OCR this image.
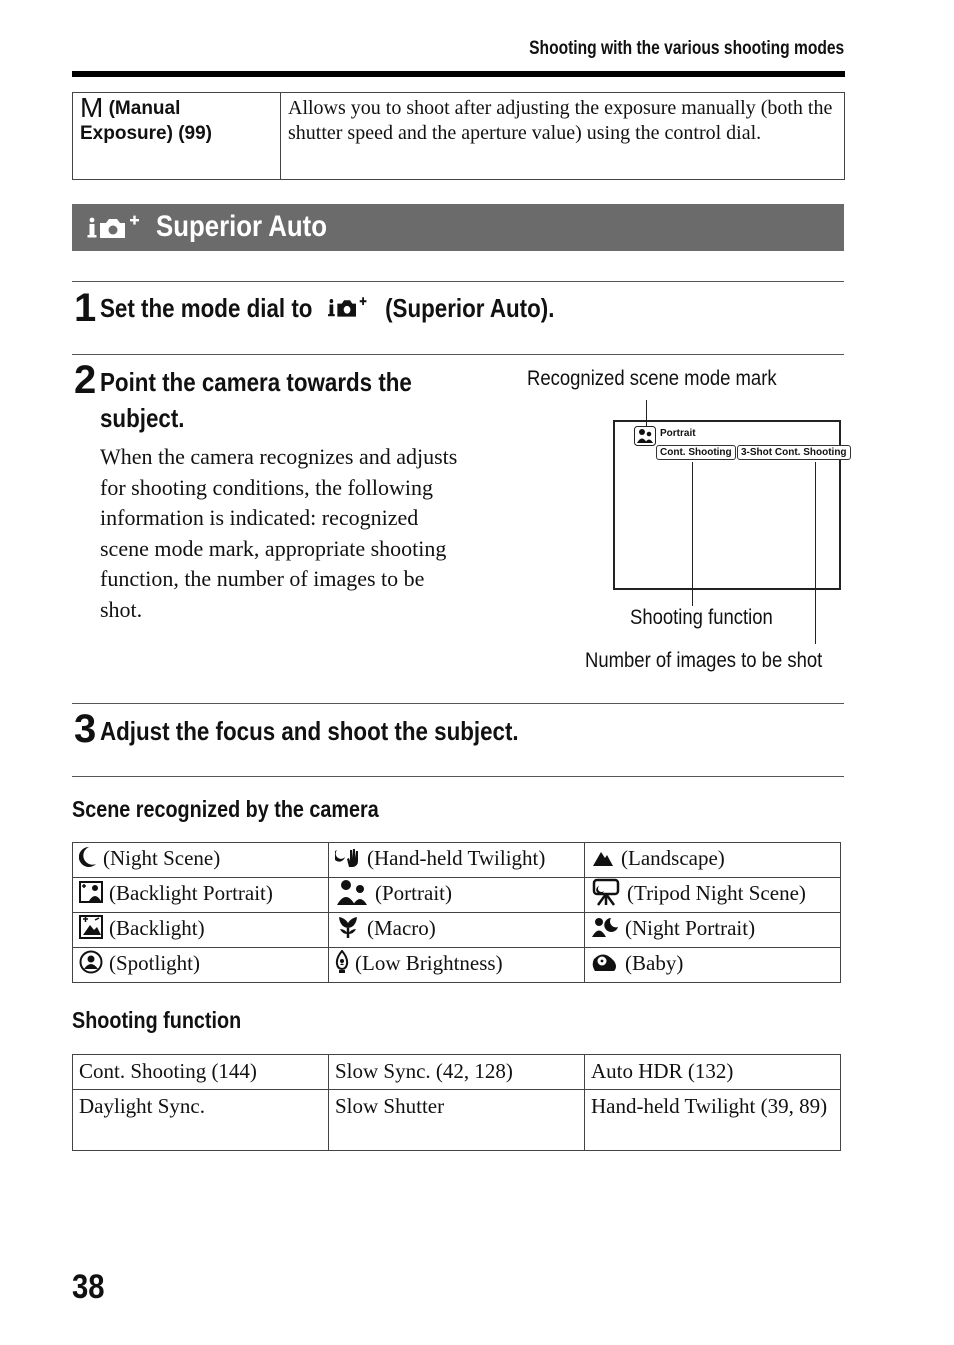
Shooting with the various shooting modes
M (Manual
Exposure) (99)	Allows you to shoot after adjusting the exposure manually (both the shutter speed and the aperture value) using the control dial.
Superior Auto
1 Set the mode dial to	(Superior Auto).
2 Point the camera towards the
subject.
When the camera recognizes and adjusts
for shooting conditions, the following
information is indicated: recognized
scene mode mark, appropriate shooting
function, the number of images to be
shot.
Recognized scene mode mark
Portrait
Cont. Shooting 3-Shot Cont. Shooting
Shooting function
Number of images to be shot
3 Adjust the focus and shoot the subject.
Scene recognized by the camera
(Night Scene)	(Hand-held Twilight)	(Landscape)
(Backlight Portrait)	(Portrait)	(Tripod Night Scene)
(Backlight)	(Macro)	(Night Portrait)
(Spotlight)	(Low Brightness)	(Baby)
Shooting function
Cont. Shooting (144)	Slow Sync. (42, 128)	Auto HDR (132)
Daylight Sync.	Slow Shutter	Hand-held Twilight (39, 89)
38
